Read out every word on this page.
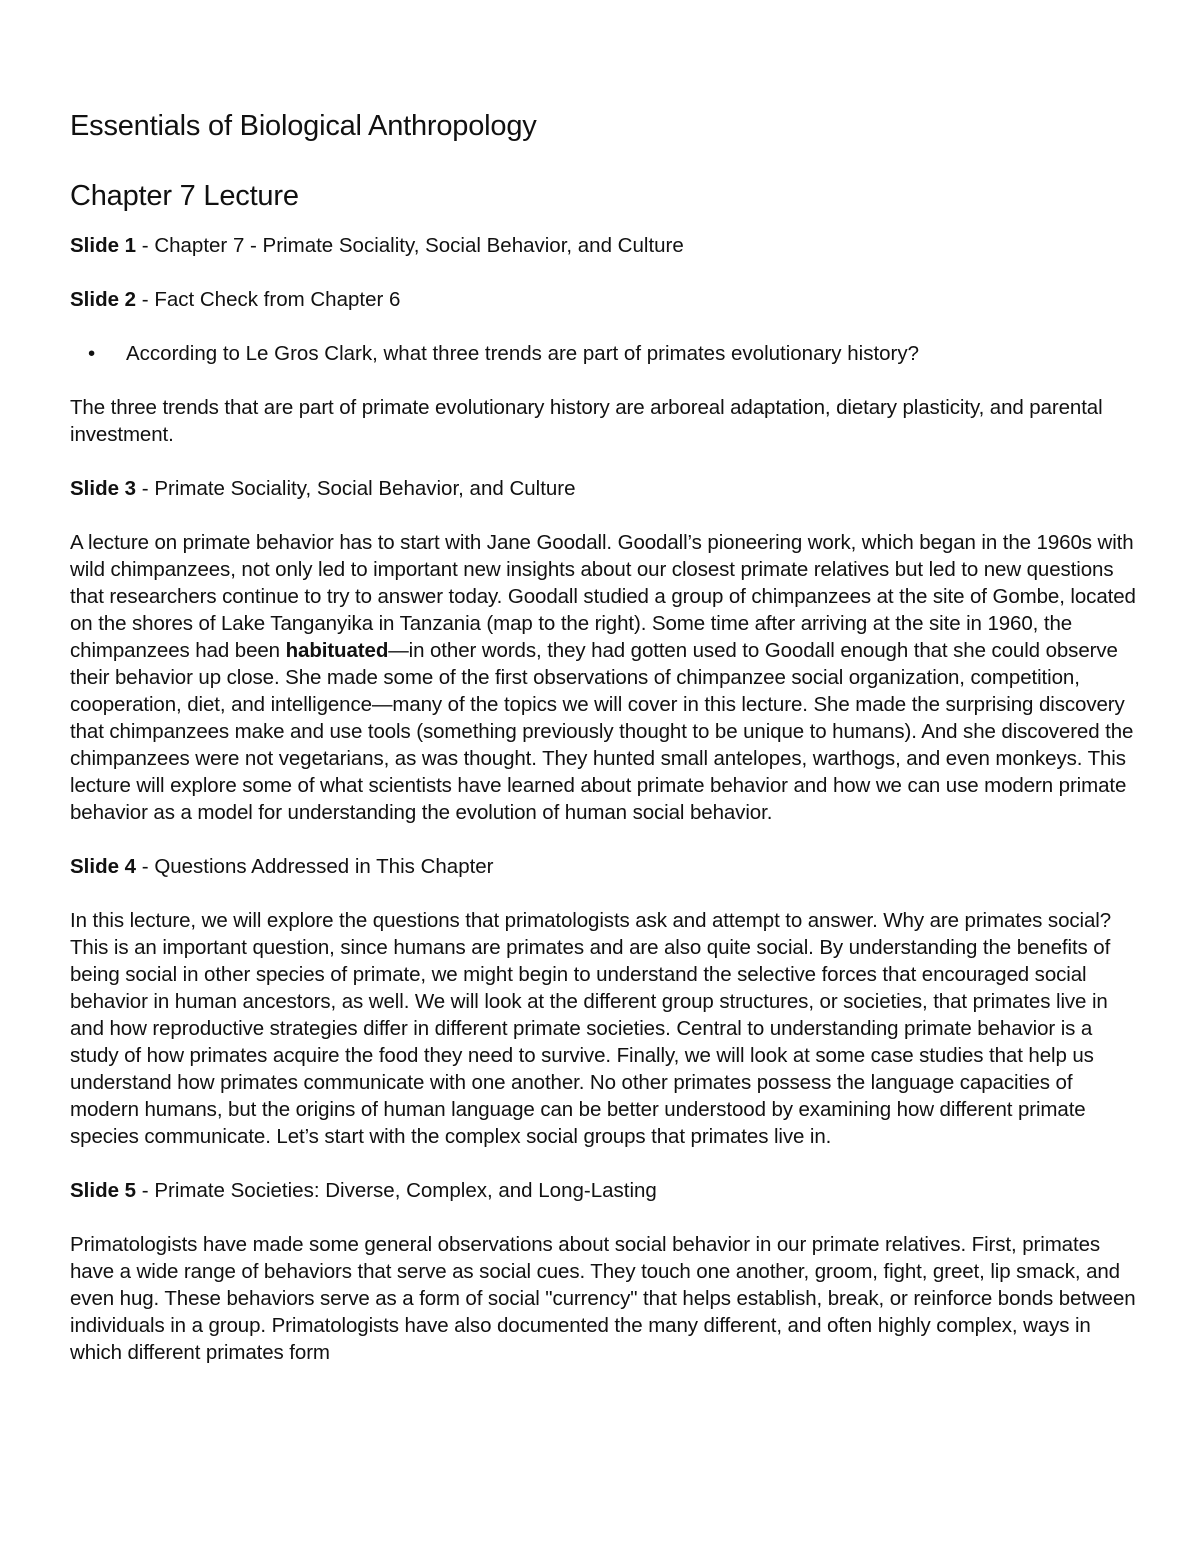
Essentials of Biological Anthropology
Chapter 7 Lecture

Slide 1 - Chapter 7 - Primate Sociality, Social Behavior, and Culture

Slide 2 - Fact Check from Chapter 6

• According to Le Gros Clark, what three trends are part of primates evolutionary history?

The three trends that are part of primate evolutionary history are arboreal adaptation, dietary plasticity, and parental investment.

Slide 3 - Primate Sociality, Social Behavior, and Culture

A lecture on primate behavior has to start with Jane Goodall. Goodall’s pioneering work, which began in the 1960s with wild chimpanzees, not only led to important new insights about our closest primate relatives but led to new questions that researchers continue to try to answer today. Goodall studied a group of chimpanzees at the site of Gombe, located on the shores of Lake Tanganyika in Tanzania (map to the right). Some time after arriving at the site in 1960, the chimpanzees had been habituated—in other words, they had gotten used to Goodall enough that she could observe their behavior up close. She made some of the first observations of chimpanzee social organization, competition, cooperation, diet, and intelligence—many of the topics we will cover in this lecture. She made the surprising discovery that chimpanzees make and use tools (something previously thought to be unique to humans). And she discovered the chimpanzees were not vegetarians, as was thought. They hunted small antelopes, warthogs, and even monkeys. This lecture will explore some of what scientists have learned about primate behavior and how we can use modern primate behavior as a model for understanding the evolution of human social behavior.

Slide 4 - Questions Addressed in This Chapter

In this lecture, we will explore the questions that primatologists ask and attempt to answer. Why are primates social? This is an important question, since humans are primates and are also quite social. By understanding the benefits of being social in other species of primate, we might begin to understand the selective forces that encouraged social behavior in human ancestors, as well. We will look at the different group structures, or societies, that primates live in and how reproductive strategies differ in different primate societies. Central to understanding primate behavior is a study of how primates acquire the food they need to survive. Finally, we will look at some case studies that help us understand how primates communicate with one another. No other primates possess the language capacities of modern humans, but the origins of human language can be better understood by examining how different primate species communicate. Let’s start with the complex social groups that primates live in.

Slide 5 - Primate Societies: Diverse, Complex, and Long-Lasting

Primatologists have made some general observations about social behavior in our primate relatives. First, primates have a wide range of behaviors that serve as social cues. They touch one another, groom, fight, greet, lip smack, and even hug. These behaviors serve as a form of social "currency" that helps establish, break, or reinforce bonds between individuals in a group. Primatologists have also documented the many different, and often highly complex, ways in which different primates form
